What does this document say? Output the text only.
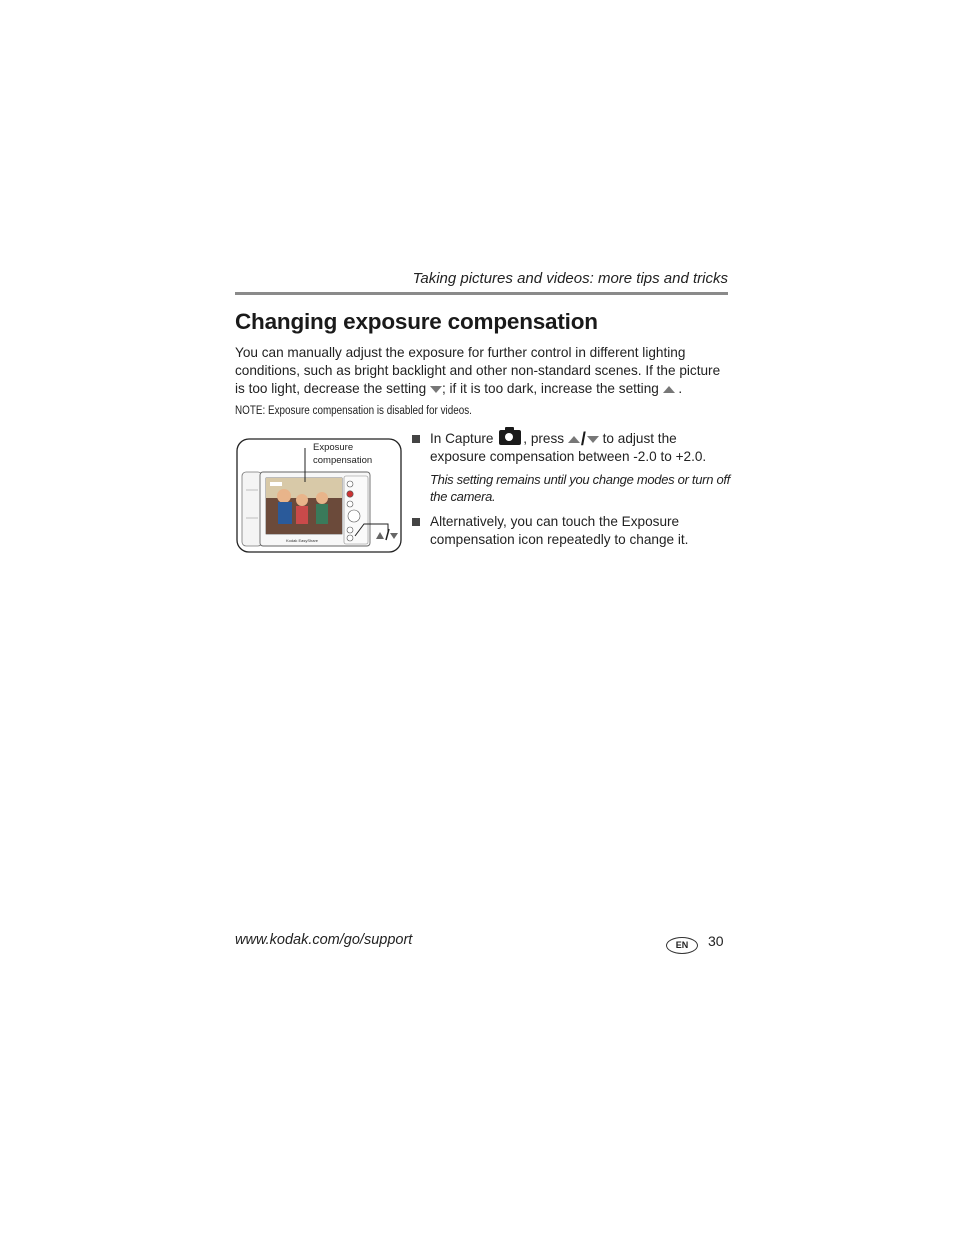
Taking pictures and videos: more tips and tricks
Changing exposure compensation

You can manually adjust the exposure for further control in different lighting conditions, such as bright backlight and other non-standard scenes. If the picture is too light, decrease the setting ; if it is too dark, increase the setting .

NOTE: Exposure compensation is disabled for videos.

Kodak EasyShare
Exposure
compensation
In Capture , press / to adjust the exposure compensation between -2.0 to +2.0.
This setting remains until you change modes or turn off the camera.
Alternatively, you can touch the Exposure compensation icon repeatedly to change it.
www.kodak.com/go/support	EN	30
